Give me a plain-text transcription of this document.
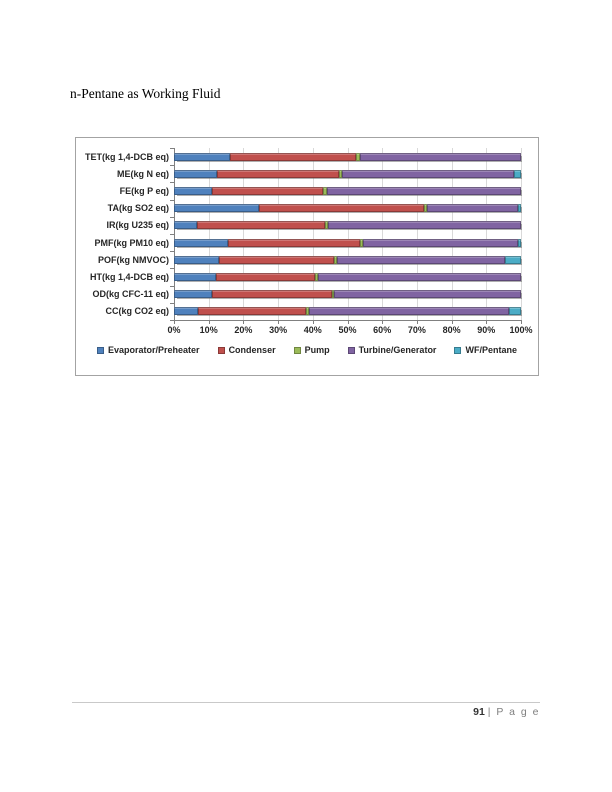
n-Pentane as Working Fluid
TET(kg 1,4-DCB eq)
ME(kg N eq)
FE(kg P eq)
TA(kg SO2 eq)
IR(kg U235 eq)
PMF(kg PM10 eq)
POF(kg NMVOC)
HT(kg 1,4-DCB eq)
OD(kg CFC-11 eq)
CC(kg CO2 eq)
0% 10% 20% 30% 40% 50% 60% 70% 80% 90% 100%
Evaporator/Preheater	Condenser	Pump	Turbine/Generator	WF/Pentane
91 | P a g e
